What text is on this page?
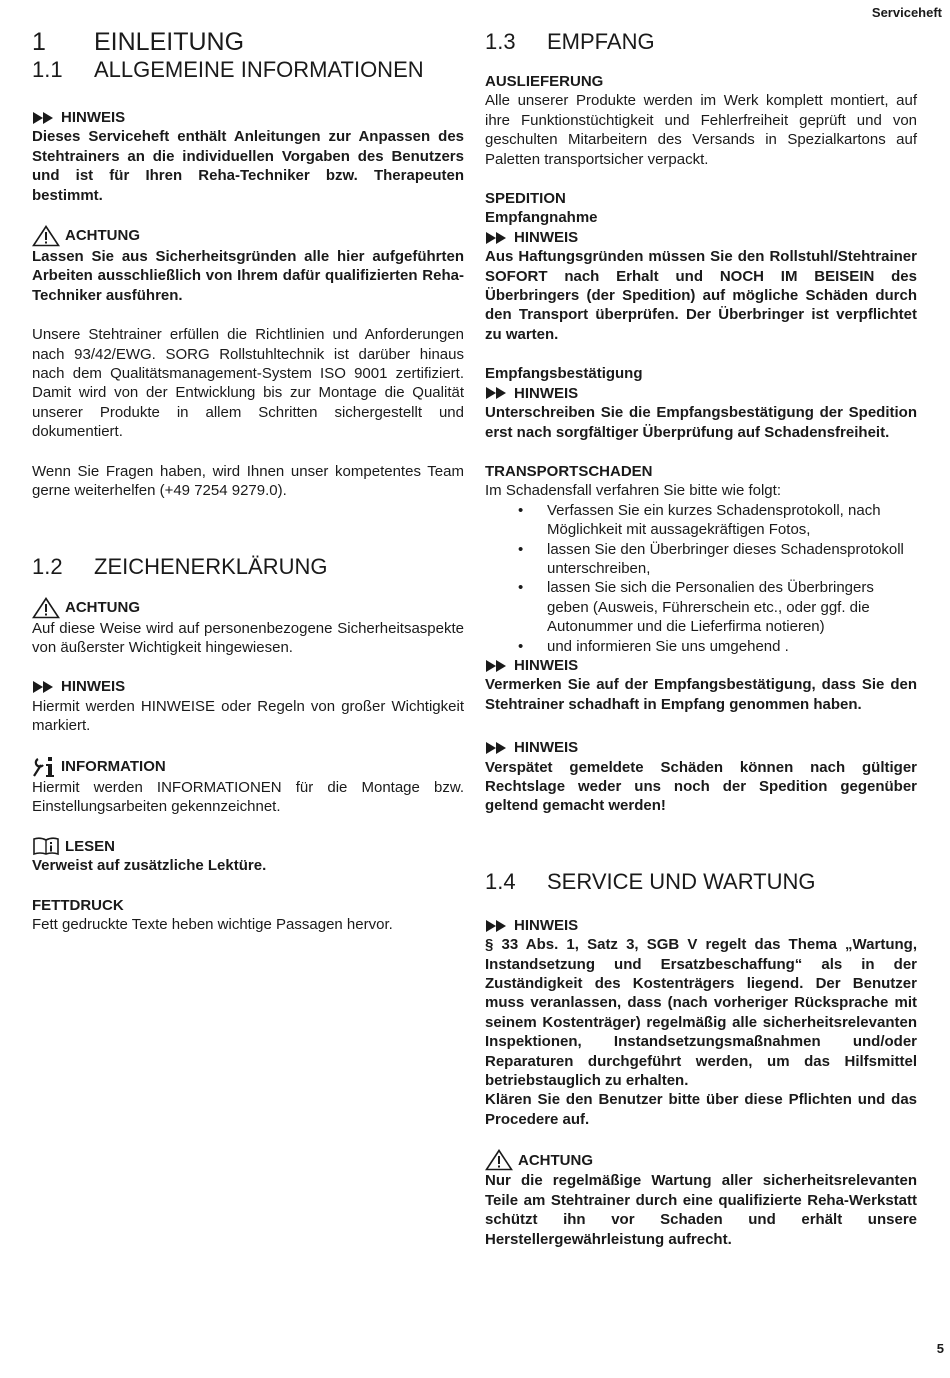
Serviceheft
1	EINLEITUNG
1.1	ALLGEMEINE INFORMATIONEN
HINWEIS

Dieses Serviceheft enthält Anleitungen zur Anpassen des Stehtrainers an die individuellen Vorgaben des Benutzers und ist für Ihren Reha-Techniker bzw. Therapeuten bestimmt.

ACHTUNG

Lassen Sie aus Sicherheitsgründen alle hier aufgeführten Arbeiten ausschließlich von Ihrem dafür qualifizierten Reha-Techniker ausführen.

Unsere Stehtrainer erfüllen die Richtlinien und Anforderungen nach 93/42/EWG. SORG Rollstuhltechnik ist darüber hinaus nach dem Qualitätsmanagement-System ISO 9001 zertifiziert. Damit wird von der Entwicklung bis zur Montage die Qualität unserer Produkte in allem Schritten sichergestellt und dokumentiert.

Wenn Sie Fragen haben, wird Ihnen unser kompetentes Team gerne weiterhelfen (+49 7254 9279.0).

1.2	ZEICHENERKLÄRUNG
ACHTUNG

Auf diese Weise wird auf personenbezogene Sicherheitsaspekte von äußerster Wichtigkeit hingewiesen.

HINWEIS

Hiermit werden HINWEISE oder Regeln von großer Wichtigkeit markiert.

INFORMATION

Hiermit werden INFORMATIONEN für die Montage bzw. Einstellungsarbeiten gekennzeichnet.

LESEN

Verweist auf zusätzliche Lektüre.

FETTDRUCK

Fett gedruckte Texte heben wichtige Passagen hervor.

1.3	EMPFANG
AUSLIEFERUNG

Alle unserer Produkte werden im Werk komplett montiert, auf ihre Funktionstüchtigkeit und Fehlerfreiheit geprüft und von geschulten Mitarbeitern des Versands in Spezialkartons auf Paletten transportsicher verpackt.

SPEDITION
Empfangnahme
HINWEIS

Aus Haftungsgründen müssen Sie den Rollstuhl/Stehtrainer SOFORT nach Erhalt und NOCH IM BEISEIN des Überbringers (der Spedition) auf mögliche Schäden durch den Transport überprüfen. Der Überbringer ist verpflichtet zu warten.

Empfangsbestätigung
HINWEIS

Unterschreiben Sie die Empfangsbestätigung der Spedition erst nach sorgfältiger Überprüfung auf Schadensfreiheit.

TRANSPORTSCHADEN

Im Schadensfall verfahren Sie bitte wie folgt:

• Verfassen Sie ein kurzes Schadensprotokoll, nach Möglichkeit mit aussagekräftigen Fotos,
• lassen Sie den Überbringer dieses Schadensprotokoll unterschreiben,
• lassen Sie sich die Personalien des Überbringers geben (Ausweis, Führerschein etc., oder ggf. die Autonummer und die Lieferfirma notieren)
• und informieren Sie uns umgehend .
HINWEIS

Vermerken Sie auf der Empfangsbestätigung, dass Sie den Stehtrainer schadhaft in Empfang genommen haben.

HINWEIS

Verspätet gemeldete Schäden können nach gültiger Rechtslage weder uns noch der Spedition gegenüber geltend gemacht werden!

1.4	SERVICE UND WARTUNG
HINWEIS

§ 33 Abs. 1, Satz 3, SGB V regelt das Thema „Wartung, Instandsetzung und Ersatzbeschaffung“ als in der Zuständigkeit des Kostenträgers liegend. Der Benutzer muss veranlassen, dass (nach vorheriger Rücksprache mit seinem Kostenträger) regelmäßig alle sicherheitsrelevanten Inspektionen, Instandsetzungsmaßnahmen und/oder Reparaturen durchgeführt werden, um das Hilfsmittel betriebstauglich zu erhalten.

Klären Sie den Benutzer bitte über diese Pflichten und das Procedere auf.

ACHTUNG

Nur die regelmäßige Wartung aller sicherheitsrelevanten Teile am Stehtrainer durch eine qualifizierte Reha-Werkstatt schützt ihn vor Schaden und erhält unsere Herstellergewährleistung aufrecht.

5
